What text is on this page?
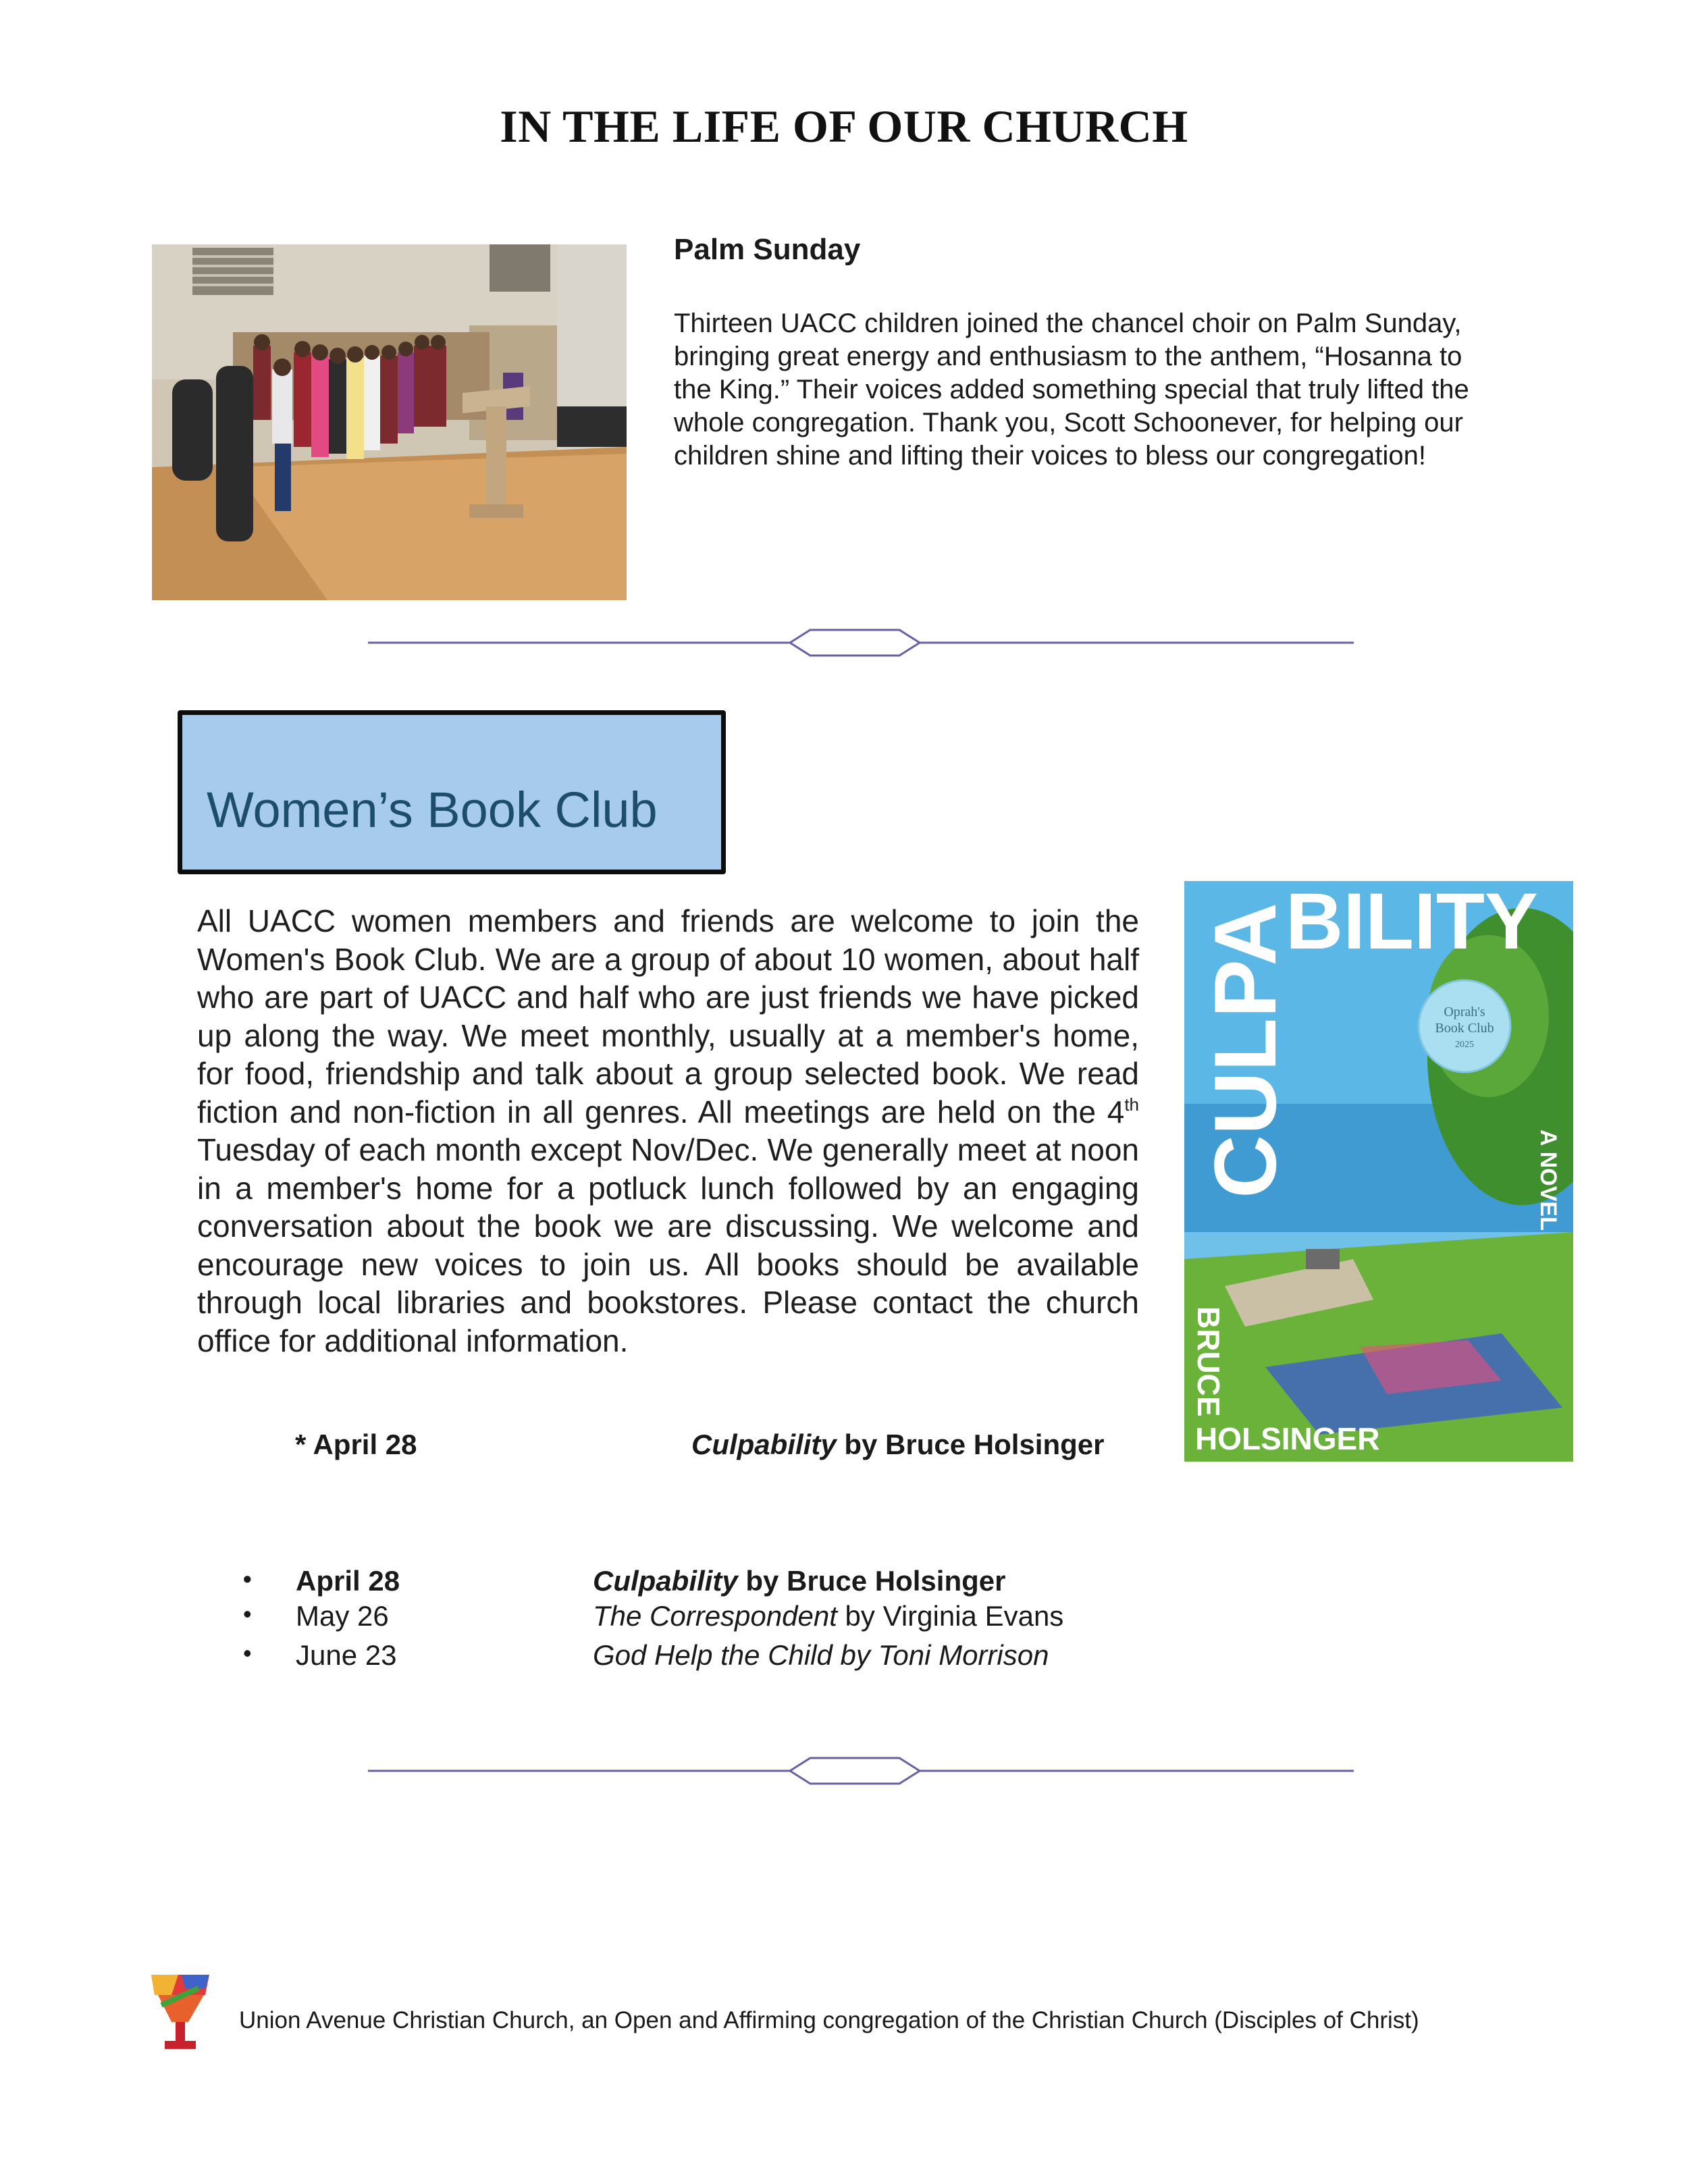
IN THE LIFE OF OUR CHURCH
Palm Sunday
Thirteen UACC children joined the chancel choir on Palm Sunday, bringing great energy and enthusiasm to the anthem, “Hosanna to the King.” Their voices added something special that truly lifted the whole congregation. Thank you, Scott Schoonever, for helping our children shine and lifting their voices to bless our congregation!
Women’s Book Club
All UACC women members and friends are welcome to join the Women's Book Club. We are a group of about 10 women, about half who are part of UACC and half who are just friends we have picked up along the way. We meet monthly, usually at a member's home, for food, friendship and talk about a group selected book. We read fiction and non-fiction in all genres. All meetings are held on the 4th Tuesday of each month except Nov/Dec. We generally meet at noon in a member's home for a potluck lunch followed by an engaging conversation about the book we are discussing. We welcome and encourage new voices to join us. All books should be available through local libraries and bookstores. Please contact the church office for additional information.
BILITY
CULPA	Oprah's
Book Club
2025
A NOVEL
BRUCE
HOLSINGER
* April 28	Culpability by Bruce Holsinger
• April 28	Culpability by Bruce Holsinger
• May 26	The Correspondent by Virginia Evans
• June 23	God Help the Child by Toni Morrison
Union Avenue Christian Church, an Open and Affirming congregation of the Christian Church (Disciples of Christ)
